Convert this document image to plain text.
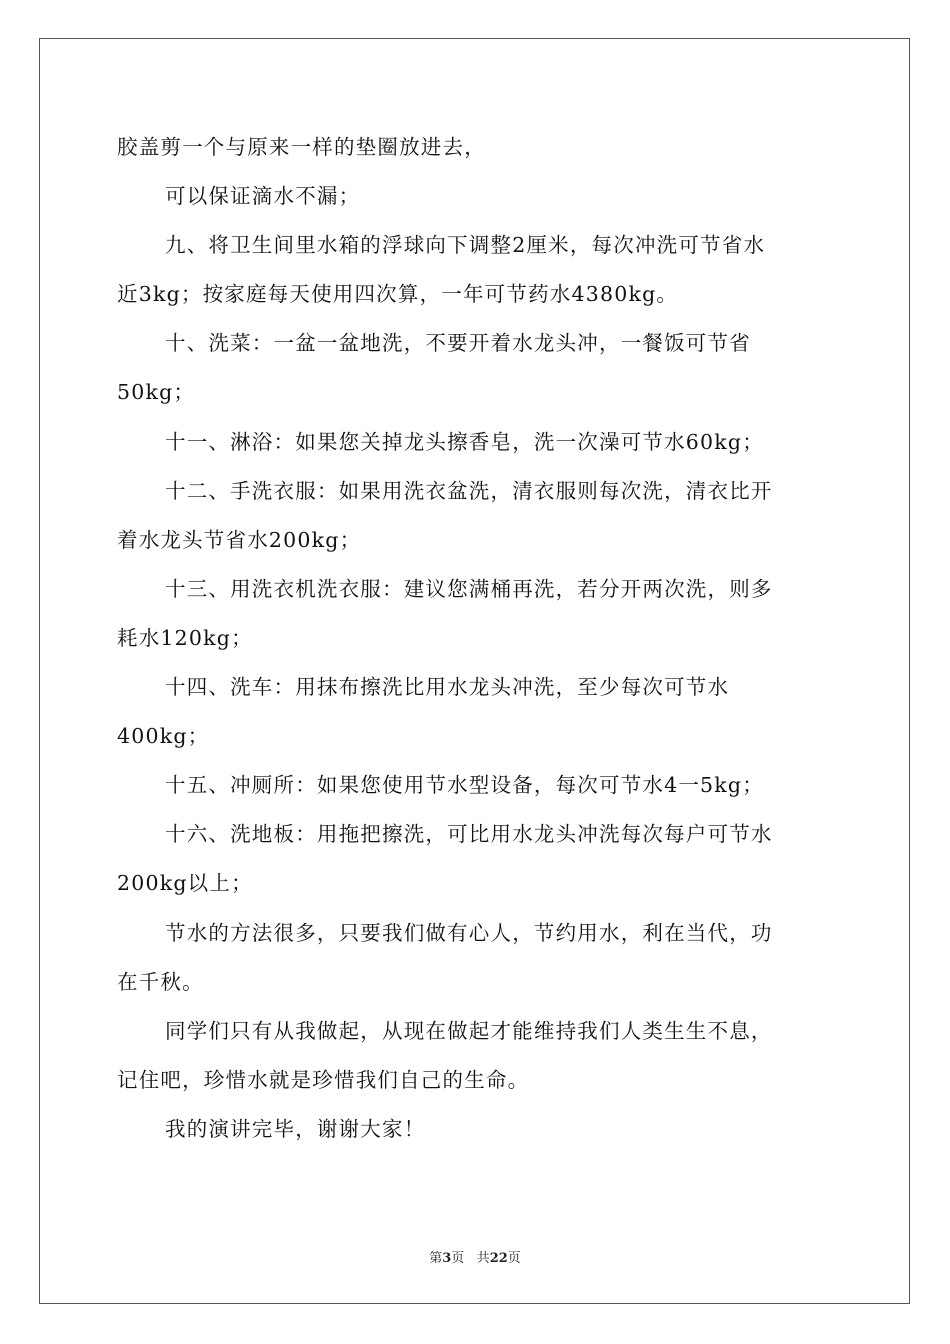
胶盖剪一个与原来一样的垫圈放进去，
可以保证滴水不漏；
九、将卫生间里水箱的浮球向下调整2厘米，每次冲洗可节省水
近3kg；按家庭每天使用四次算，一年可节药水4380kg。
十、洗菜：一盆一盆地洗，不要开着水龙头冲，一餐饭可节省
50kg；
十一、淋浴：如果您关掉龙头擦香皂，洗一次澡可节水60kg；
十二、手洗衣服：如果用洗衣盆洗，清衣服则每次洗，清衣比开
着水龙头节省水200kg；
十三、用洗衣机洗衣服：建议您满桶再洗，若分开两次洗，则多
耗水120kg；
十四、洗车：用抹布擦洗比用水龙头冲洗，至少每次可节水
400kg；
十五、冲厕所：如果您使用节水型设备，每次可节水4一5kg；
十六、洗地板：用拖把擦洗，可比用水龙头冲洗每次每户可节水
200kg以上；
节水的方法很多，只要我们做有心人，节约用水，利在当代，功
在千秋。
同学们只有从我做起，从现在做起才能维持我们人类生生不息，
记住吧，珍惜水就是珍惜我们自己的生命。
我的演讲完毕，谢谢大家！
第3页 共22页
